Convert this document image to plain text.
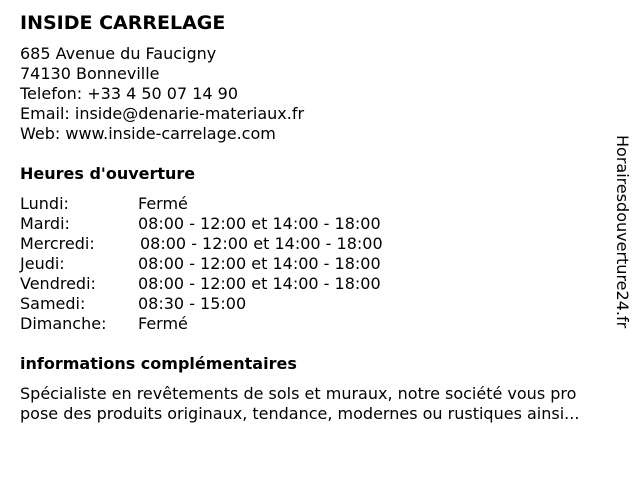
INSIDE CARRELAGE
685 Avenue du Faucigny
74130 Bonneville
Telefon: +33 4 50 07 14 90
Email: inside@denarie-materiaux.fr
Web: www.inside-carrelage.com
Heures d'ouverture
Lundi:	Fermé
Mardi:	08:00 - 12:00 et 14:00 - 18:00
Mercredi:	08:00 - 12:00 et 14:00 - 18:00
Jeudi:	08:00 - 12:00 et 14:00 - 18:00
Vendredi:	08:00 - 12:00 et 14:00 - 18:00
Samedi:	08:30 - 15:00
Dimanche:	Fermé
informations complémentaires
Spécialiste en revêtements de sols et muraux, notre société vous pro
pose des produits originaux, tendance, modernes ou rustiques ainsi...
Horairesdouverture24.fr
